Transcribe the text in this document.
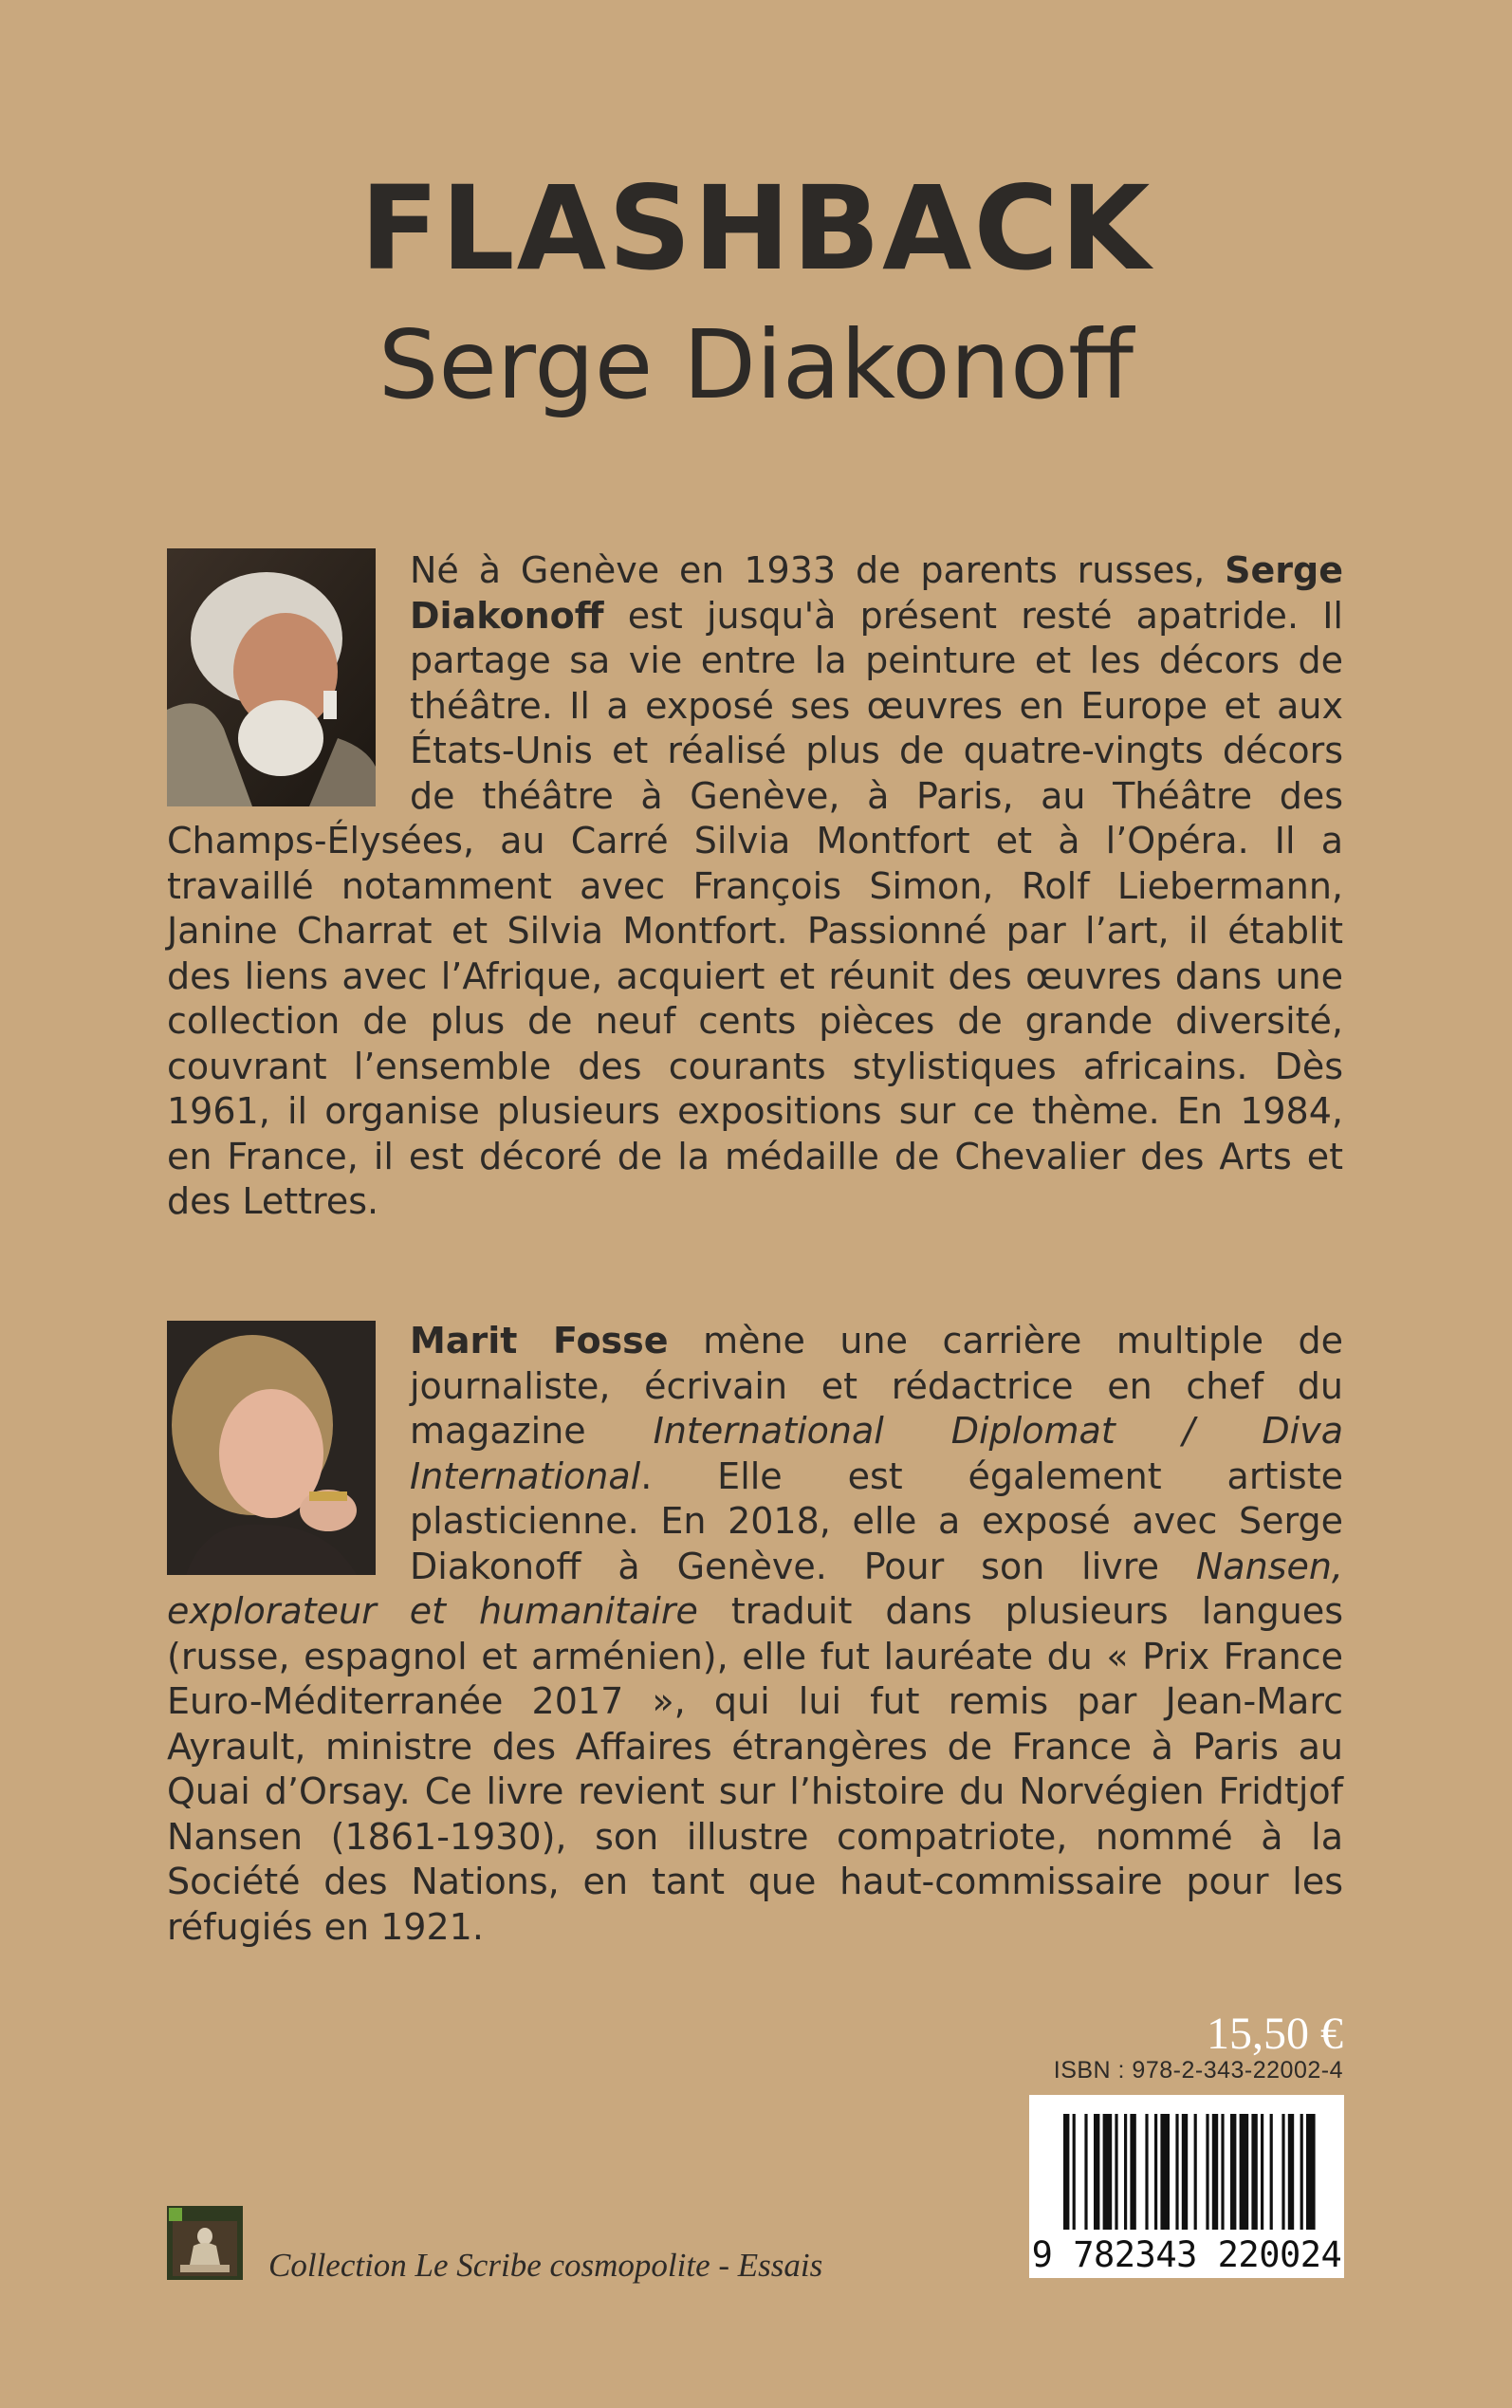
FLASHBACK
Serge Diakonoff

Né à Genève en 1933 de parents russes, Serge Diakonoff est jusqu'à présent resté apatride. Il partage sa vie entre la peinture et les décors de théâtre. Il a exposé ses œuvres en Europe et aux États-Unis et réalisé plus de quatre-vingts décors de théâtre à Genève, à Paris, au Théâtre des Champs-Élysées, au Carré Silvia Montfort et à l’Opéra. Il a travaillé notamment avec François Simon, Rolf Liebermann, Janine Charrat et Silvia Montfort. Passionné par l’art, il établit des liens avec l’Afrique, acquiert et réunit des œuvres dans une collection de plus de neuf cents pièces de grande diversité, couvrant l’ensemble des courants stylistiques africains. Dès 1961, il organise plusieurs expositions sur ce thème. En 1984, en France, il est décoré de la médaille de Chevalier des Arts et des Lettres.

Marit Fosse mène une carrière multiple de journaliste, écrivain et rédactrice en chef du magazine International Diplomat / Diva International. Elle est également artiste plasticienne. En 2018, elle a exposé avec Serge Diakonoff à Genève. Pour son livre Nansen, explorateur et humanitaire traduit dans plusieurs langues (russe, espagnol et arménien), elle fut lauréate du « Prix France Euro-Méditerranée 2017 », qui lui fut remis par Jean-Marc Ayrault, ministre des Affaires étrangères de France à Paris au Quai d’Orsay. Ce livre revient sur l’histoire du Norvégien Fridtjof Nansen (1861-1930), son illustre compatriote, nommé à la Société des Nations, en tant que haut-commissaire pour les réfugiés en 1921.

15,50 €
ISBN : 978-2-343-22002-4
9 782343 220024
Collection Le Scribe cosmopolite - Essais
